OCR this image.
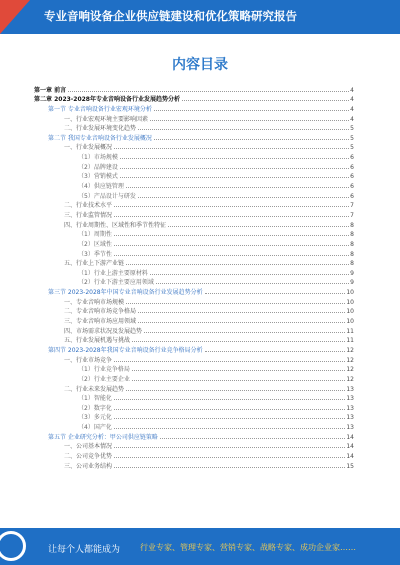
专业音响设备企业供应链建设和优化策略研究报告
内容目录
第一章 前言	4
第二章 2023-2028年专业音响设备行业发展趋势分析	4
第一节 专业音响设备行业宏观环境分析	4
一、行业宏观环境主要影响因素	4
二、行业发展环境变化趋势	5
第二节 我国专业音响设备行业发展概况	5
一、行业发展概况	5
（1）市场规模	6
（2）品牌建设	6
（3）营销模式	6
（4）供应链管理	6
（5）产品设计与研发	6
二、行业技术水平	7
三、行业监管情况	7
四、行业周期性、区域性和季节性特征	8
（1）周期性	8
（2）区域性	8
（3）季节性	8
五、行业上下游产业链	8
（1）行业上游主要原材料	9
（2）行业下游主要应用领域	9
第三节 2023-2028年中国专业音响设备行业发展趋势分析	10
一、专业音响市场规模	10
二、专业音响市场竞争格局	10
三、专业音响市场应用领域	10
四、市场需求状况及发展趋势	11
五、行业发展机遇与挑战	11
第四节 2023-2028年我国专业音响设备行业竞争格局分析	12
一、行业市场竞争	12
（1）行业竞争格局	12
（2）行业主要企业	12
二、行业未来发展趋势	13
（1）智能化	13
（2）数字化	13
（3）多元化	13
（4）国产化	13
第五节 企业研究分析：甲公司供应链策略	14
一、公司基本情况	14
二、公司竞争优势	14
三、公司业务结构	15
让每个人都能成为 行业专家、管理专家、营销专家、战略专家、成功企业家……
